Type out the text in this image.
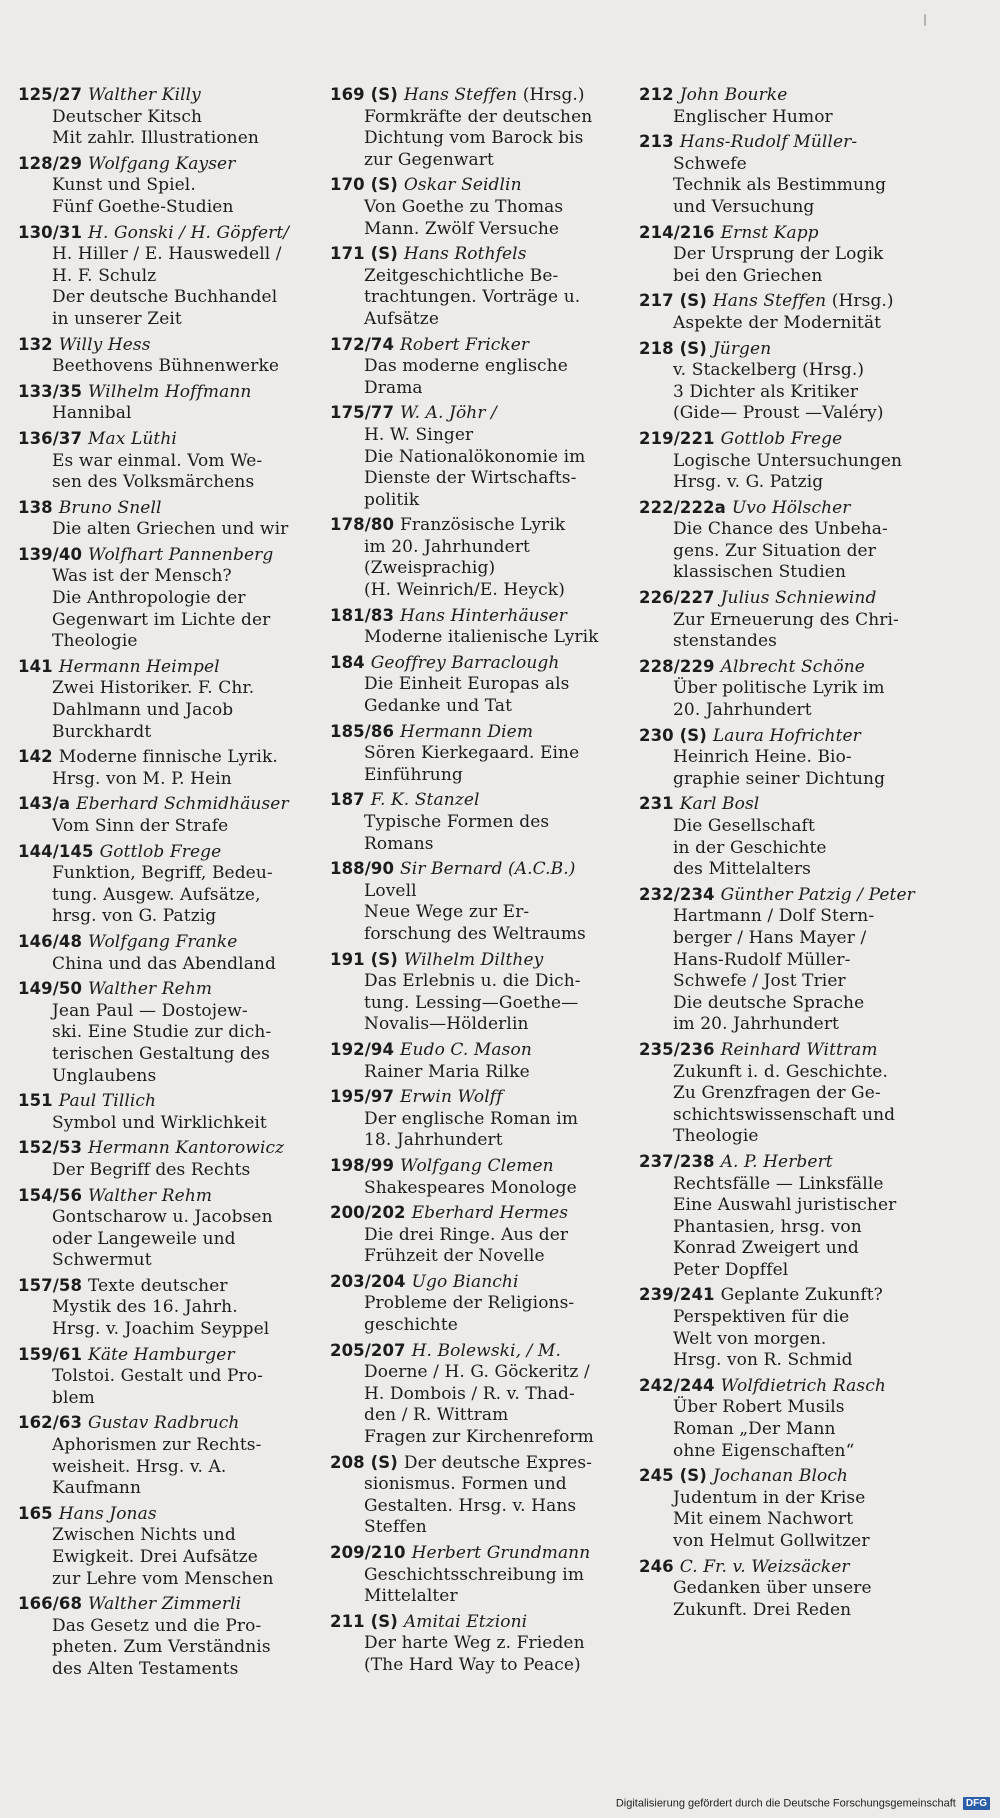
125/27 Walther Killy
Deutscher Kitsch
Mit zahlr. Illustrationen
128/29 Wolfgang Kayser
Kunst und Spiel.
Fünf Goethe-Studien
130/31 H. Gonski / H. Göpfert/
H. Hiller / E. Hauswedell /
H. F. Schulz
Der deutsche Buchhandel
in unserer Zeit
132 Willy Hess
Beethovens Bühnenwerke
133/35 Wilhelm Hoffmann
Hannibal
136/37 Max Lüthi
Es war einmal. Vom We-
sen des Volksmärchens
138 Bruno Snell
Die alten Griechen und wir
139/40 Wolfhart Pannenberg
Was ist der Mensch?
Die Anthropologie der
Gegenwart im Lichte der
Theologie
141 Hermann Heimpel
Zwei Historiker. F. Chr.
Dahlmann und Jacob
Burckhardt
142 Moderne finnische Lyrik.
Hrsg. von M. P. Hein
143/a Eberhard Schmidhäuser
Vom Sinn der Strafe
144/145 Gottlob Frege
Funktion, Begriff, Bedeu-
tung. Ausgew. Aufsätze,
hrsg. von G. Patzig
146/48 Wolfgang Franke
China und das Abendland
149/50 Walther Rehm
Jean Paul — Dostojew-
ski. Eine Studie zur dich-
terischen Gestaltung des
Unglaubens
151 Paul Tillich
Symbol und Wirklichkeit
152/53 Hermann Kantorowicz
Der Begriff des Rechts
154/56 Walther Rehm
Gontscharow u. Jacobsen
oder Langeweile und
Schwermut
157/58 Texte deutscher
Mystik des 16. Jahrh.
Hrsg. v. Joachim Seyppel
159/61 Käte Hamburger
Tolstoi. Gestalt und Pro-
blem
162/63 Gustav Radbruch
Aphorismen zur Rechts-
weisheit. Hrsg. v. A.
Kaufmann
165 Hans Jonas
Zwischen Nichts und
Ewigkeit. Drei Aufsätze
zur Lehre vom Menschen
166/68 Walther Zimmerli
Das Gesetz und die Pro-
pheten. Zum Verständnis
des Alten Testaments
169 (S) Hans Steffen (Hrsg.)
Formkräfte der deutschen
Dichtung vom Barock bis
zur Gegenwart
170 (S) Oskar Seidlin
Von Goethe zu Thomas
Mann. Zwölf Versuche
171 (S) Hans Rothfels
Zeitgeschichtliche Be-
trachtungen. Vorträge u.
Aufsätze
172/74 Robert Fricker
Das moderne englische
Drama
175/77 W. A. Jöhr /
H. W. Singer
Die Nationalökonomie im
Dienste der Wirtschafts-
politik
178/80 Französische Lyrik
im 20. Jahrhundert
(Zweisprachig)
(H. Weinrich/E. Heyck)
181/83 Hans Hinterhäuser
Moderne italienische Lyrik
184 Geoffrey Barraclough
Die Einheit Europas als
Gedanke und Tat
185/86 Hermann Diem
Sören Kierkegaard. Eine
Einführung
187 F. K. Stanzel
Typische Formen des
Romans
188/90 Sir Bernard (A.C.B.)
Lovell
Neue Wege zur Er-
forschung des Weltraums
191 (S) Wilhelm Dilthey
Das Erlebnis u. die Dich-
tung. Lessing—Goethe—
Novalis—Hölderlin
192/94 Eudo C. Mason
Rainer Maria Rilke
195/97 Erwin Wolff
Der englische Roman im
18. Jahrhundert
198/99 Wolfgang Clemen
Shakespeares Monologe
200/202 Eberhard Hermes
Die drei Ringe. Aus der
Frühzeit der Novelle
203/204 Ugo Bianchi
Probleme der Religions-
geschichte
205/207 H. Bolewski, / M.
Doerne / H. G. Göckeritz /
H. Dombois / R. v. Thad-
den / R. Wittram
Fragen zur Kirchenreform
208 (S) Der deutsche Expres-
sionismus. Formen und
Gestalten. Hrsg. v. Hans
Steffen
209/210 Herbert Grundmann
Geschichtsschreibung im
Mittelalter
211 (S) Amitai Etzioni
Der harte Weg z. Frieden
(The Hard Way to Peace)
212 John Bourke
Englischer Humor
213 Hans-Rudolf Müller-
Schwefe
Technik als Bestimmung
und Versuchung
214/216 Ernst Kapp
Der Ursprung der Logik
bei den Griechen
217 (S) Hans Steffen (Hrsg.)
Aspekte der Modernität
218 (S) Jürgen
v. Stackelberg (Hrsg.)
3 Dichter als Kritiker
(Gide— Proust —Valéry)
219/221 Gottlob Frege
Logische Untersuchungen
Hrsg. v. G. Patzig
222/222a Uvo Hölscher
Die Chance des Unbeha-
gens. Zur Situation der
klassischen Studien
226/227 Julius Schniewind
Zur Erneuerung des Chri-
stenstandes
228/229 Albrecht Schöne
Über politische Lyrik im
20. Jahrhundert
230 (S) Laura Hofrichter
Heinrich Heine. Bio-
graphie seiner Dichtung
231 Karl Bosl
Die Gesellschaft
in der Geschichte
des Mittelalters
232/234 Günther Patzig / Peter
Hartmann / Dolf Stern-
berger / Hans Mayer /
Hans-Rudolf Müller-
Schwefe / Jost Trier
Die deutsche Sprache
im 20. Jahrhundert
235/236 Reinhard Wittram
Zukunft i. d. Geschichte.
Zu Grenzfragen der Ge-
schichtswissenschaft und
Theologie
237/238 A. P. Herbert
Rechtsfälle — Linksfälle
Eine Auswahl juristischer
Phantasien, hrsg. von
Konrad Zweigert und
Peter Dopffel
239/241 Geplante Zukunft?
Perspektiven für die
Welt von morgen.
Hrsg. von R. Schmid
242/244 Wolfdietrich Rasch
Über Robert Musils
Roman „Der Mann
ohne Eigenschaften“
245 (S) Jochanan Bloch
Judentum in der Krise
Mit einem Nachwort
von Helmut Gollwitzer
246 C. Fr. v. Weizsäcker
Gedanken über unsere
Zukunft. Drei Reden
Digitalisierung gefördert durch die Deutsche Forschungsgemeinschaft DFG
